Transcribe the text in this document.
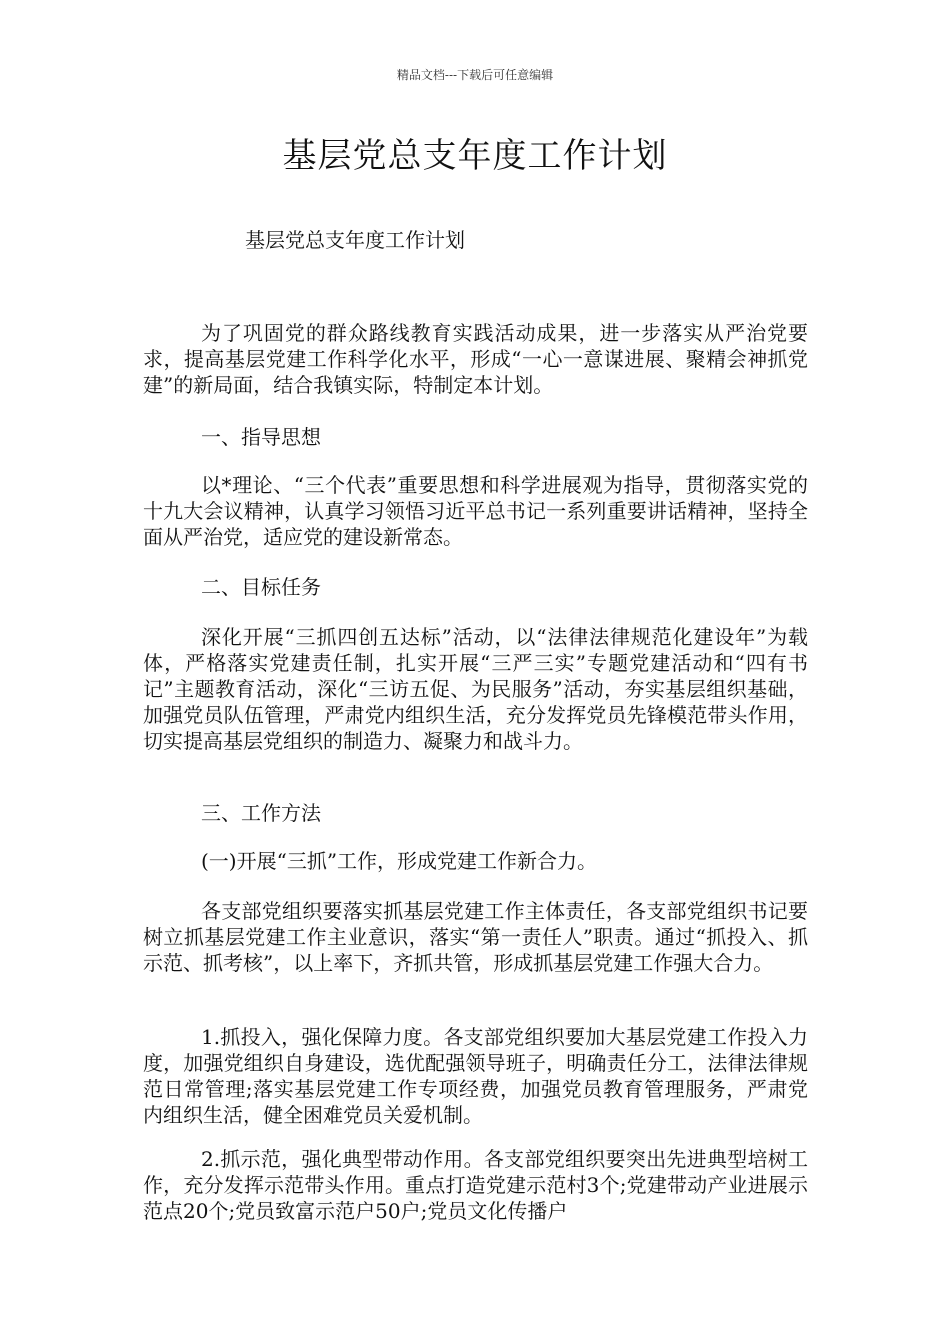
精品文档---下载后可任意编辑
基层党总支年度工作计划

基层党总支年度工作计划

为了巩固党的群众路线教育实践活动成果，进一步落实从严治党要求，提高基层党建工作科学化水平，形成“一心一意谋进展、聚精会神抓党建”的新局面，结合我镇实际，特制定本计划。

一、指导思想

以*理论、“三个代表”重要思想和科学进展观为指导，贯彻落实党的十九大会议精神，认真学习领悟习近平总书记一系列重要讲话精神，坚持全面从严治党，适应党的建设新常态。

二、目标任务

深化开展“三抓四创五达标”活动，以“法律法律规范化建设年”为载体，严格落实党建责任制，扎实开展“三严三实”专题党建活动和“四有书记”主题教育活动，深化“三访五促、为民服务”活动，夯实基层组织基础，加强党员队伍管理，严肃党内组织生活，充分发挥党员先锋模范带头作用，切实提高基层党组织的制造力、凝聚力和战斗力。

三、工作方法

(一)开展“三抓”工作，形成党建工作新合力。

各支部党组织要落实抓基层党建工作主体责任，各支部党组织书记要树立抓基层党建工作主业意识，落实“第一责任人”职责。通过“抓投入、抓示范、抓考核”，以上率下，齐抓共管，形成抓基层党建工作强大合力。

1.抓投入，强化保障力度。各支部党组织要加大基层党建工作投入力度，加强党组织自身建设，选优配强领导班子，明确责任分工，法律法律规范日常管理;落实基层党建工作专项经费，加强党员教育管理服务，严肃党内组织生活，健全困难党员关爱机制。

2.抓示范，强化典型带动作用。各支部党组织要突出先进典型培树工作，充分发挥示范带头作用。重点打造党建示范村3个;党建带动产业进展示范点20个;党员致富示范户50户;党员文化传播户
